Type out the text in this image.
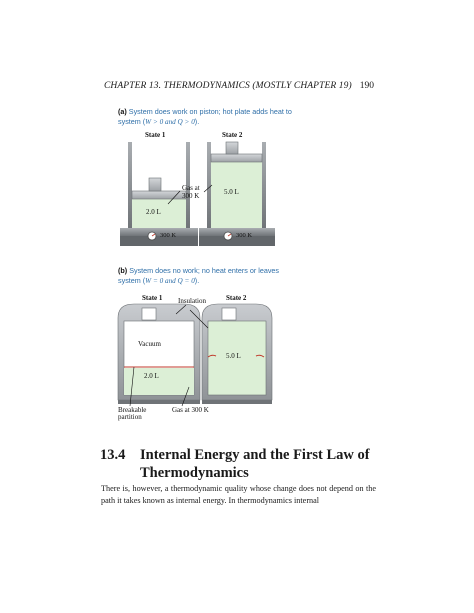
CHAPTER 13. THERMODYNAMICS (MOSTLY CHAPTER 19) 190
(a) System does work on piston; hot plate adds heat to system (W > 0 and Q > 0).
(b) System does no work; no heat enters or leaves system (W = 0 and Q = 0).
State 1	State 2
Gas at
300 K
2.0 L
5.0 L
300 K	300 K
State 1 Insulation	State 2
Vacuum
2.0 L
5.0 L
Breakable
partition
Gas at 300 K
13.4 Internal Energy and the First Law of
Thermodynamics
There is, however, a thermodynamic quality whose change does not depend on the path it takes known as internal energy. In thermodynamics internal
